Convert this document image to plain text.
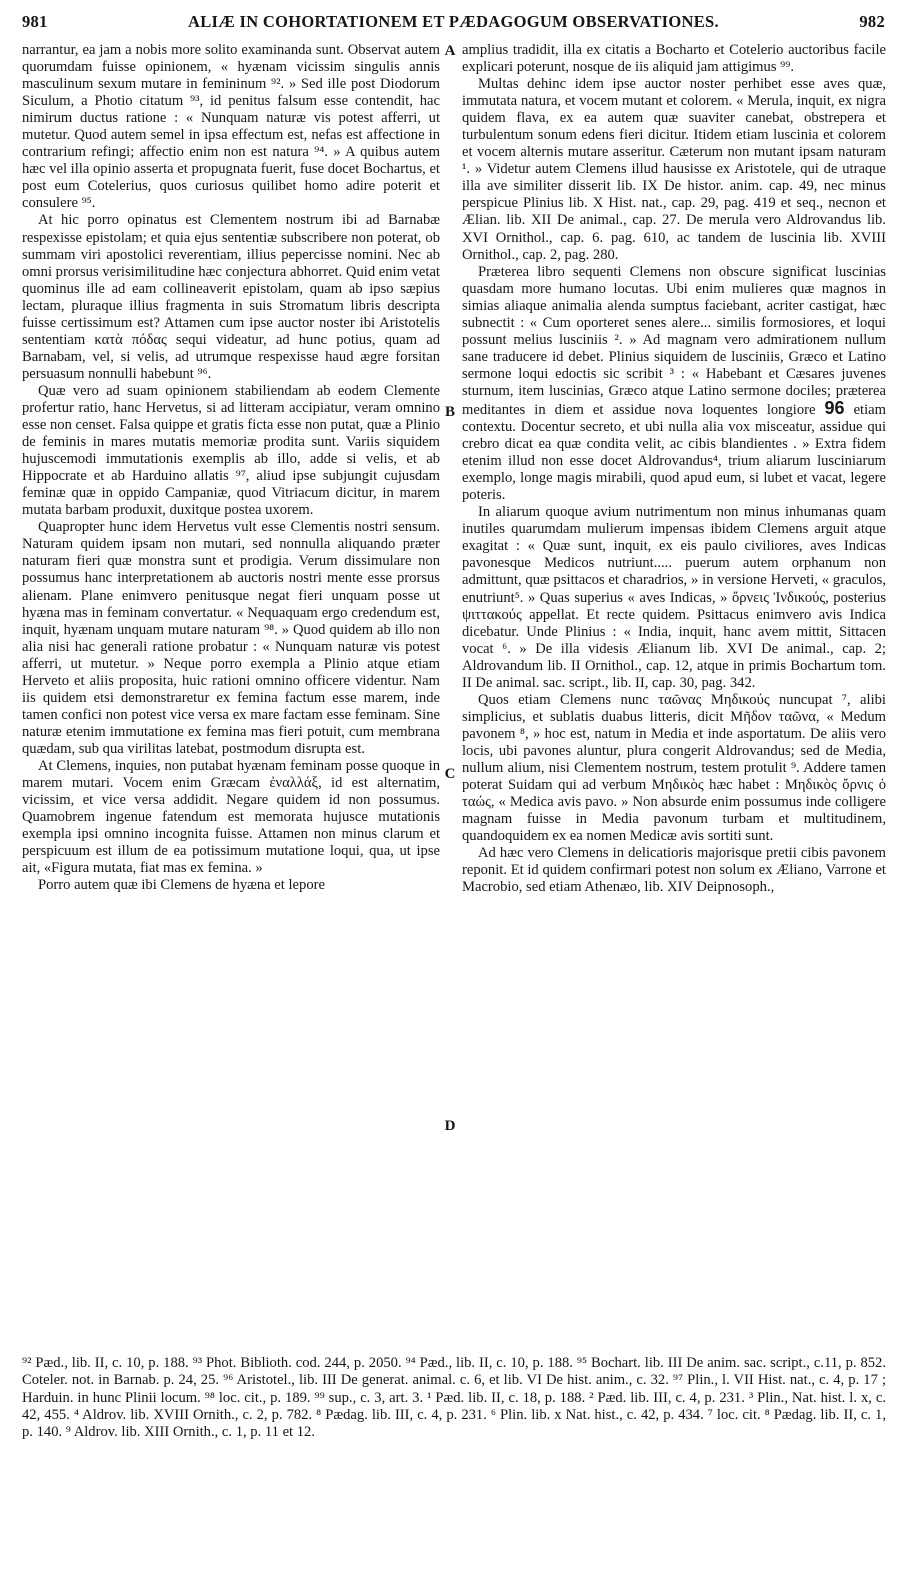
981	ALIÆ IN COHORTATIONEM ET PÆDAGOGUM OBSERVATIONES.	982

narrantur, ea jam a nobis more solito examinanda sunt. Observat autem quorumdam fuisse opinionem, « hyænam vicissim singulis annis masculinum sexum mutare in femininum ⁹². » Sed ille post Diodorum Siculum, a Photio citatum ⁹³, id penitus falsum esse contendit, hac nimirum ductus ratione : « Nunquam naturæ vis potest afferri, ut mutetur. Quod autem semel in ipsa effectum est, nefas est affectione in contrarium refingi; affectio enim non est natura ⁹⁴. » A quibus autem hæc vel illa opinio asserta et propugnata fuerit, fuse docet Bochartus, et post eum Cotelerius, quos curiosus quilibet homo adire poterit et consulere ⁹⁵.

At hic porro opinatus est Clementem nostrum ibi ad Barnabæ respexisse epistolam; et quia ejus sententiæ subscribere non poterat, ob summam viri apostolici reverentiam, illius pepercisse nomini. Nec ab omni prorsus verisimilitudine hæc conjectura abhorret. Quid enim vetat quominus ille ad eam collineaverit epistolam, quam ab ipso sæpius lectam, pluraque illius fragmenta in suis Stromatum libris descripta fuisse certissimum est? Attamen cum ipse auctor noster ibi Aristotelis sententiam κατὰ πόδας sequi videatur, ad hunc potius, quam ad Barnabam, vel, si velis, ad utrumque respexisse haud ægre forsitan persuasum nonnulli habebunt ⁹⁶.

Quæ vero ad suam opinionem stabiliendam ab eodem Clemente profertur ratio, hanc Hervetus, si ad litteram accipiatur, veram omnino esse non censet. Falsa quippe et gratis ficta esse non putat, quæ a Plinio de feminis in mares mutatis memoriæ prodita sunt. Variis siquidem hujuscemodi immutationis exemplis ab illo, adde si velis, et ab Hippocrate et ab Harduino allatis ⁹⁷, aliud ipse subjungit cujusdam feminæ quæ in oppido Campaniæ, quod Vitriacum dicitur, in marem mutata barbam produxit, duxitque postea uxorem.

Quapropter hunc idem Hervetus vult esse Clementis nostri sensum. Naturam quidem ipsam non mutari, sed nonnulla aliquando præter naturam fieri quæ monstra sunt et prodigia. Verum dissimulare non possumus hanc interpretationem ab auctoris nostri mente esse prorsus alienam. Plane enimvero penitusque negat fieri unquam posse ut hyæna mas in feminam convertatur. « Nequaquam ergo credendum est, inquit, hyænam unquam mutare naturam ⁹⁸. » Quod quidem ab illo non alia nisi hac generali ratione probatur : « Nunquam naturæ vis potest afferri, ut mutetur. » Neque porro exempla a Plinio atque etiam Herveto et aliis proposita, huic rationi omnino officere videntur. Nam iis quidem etsi demonstraretur ex femina factum esse marem, inde tamen confici non potest vice versa ex mare factam esse feminam. Sine naturæ etenim immutatione ex femina mas fieri potuit, cum membrana quædam, sub qua virilitas latebat, postmodum disrupta est.

At Clemens, inquies, non putabat hyænam feminam posse quoque in marem mutari. Vocem enim Græcam ἐναλλάξ, id est alternatim, vicissim, et vice versa addidit. Negare quidem id non possumus. Quamobrem ingenue fatendum est memorata hujusce mutationis exempla ipsi omnino incognita fuisse. Attamen non minus clarum et perspicuum est illum de ea potissimum mutatione loqui, qua, ut ipse ait, «Figura mutata, fiat mas ex femina. »

Porro autem quæ ibi Clemens de hyæna et lepore

A
B
C
D

amplius tradidit, illa ex citatis a Bocharto et Cotelerio auctoribus facile explicari poterunt, nosque de iis aliquid jam attigimus ⁹⁹.

Multas dehinc idem ipse auctor noster perhibet esse aves quæ, immutata natura, et vocem mutant et colorem. « Merula, inquit, ex nigra quidem flava, ex ea autem quæ suaviter canebat, obstrepera et turbulentum sonum edens fieri dicitur. Itidem etiam luscinia et colorem et vocem alternis mutare asseritur. Cæterum non mutant ipsam naturam ¹. » Videtur autem Clemens illud hausisse ex Aristotele, qui de utraque illa ave similiter disserit lib. IX De histor. anim. cap. 49, nec minus perspicue Plinius lib. X Hist. nat., cap. 29, pag. 419 et seq., necnon et Ælian. lib. XII De animal., cap. 27. De merula vero Aldrovandus lib. XVI Ornithol., cap. 6. pag. 610, ac tandem de luscinia lib. XVIII Ornithol., cap. 2, pag. 280.

Præterea libro sequenti Clemens non obscure significat luscinias quasdam more humano locutas. Ubi enim mulieres quæ magnos in simias aliaque animalia alenda sumptus faciebant, acriter castigat, hæc subnectit : « Cum oporteret senes alere... similis formosiores, et loqui possunt melius lusciniis ². » Ad magnam vero admirationem nullum sane traducere id debet. Plinius siquidem de lusciniis, Græco et Latino sermone loqui edoctis sic scribit ³ : « Habebant et Cæsares juvenes sturnum, item luscinias, Græco atque Latino sermone dociles; præterea meditantes in diem et assidue nova loquentes longiore 96 etiam contextu. Docentur secreto, et ubi nulla alia vox misceatur, assidue qui crebro dicat ea quæ condita velit, ac cibis blandientes . » Extra fidem etenim illud non esse docet Aldrovandus⁴, trium aliarum lusciniarum exemplo, longe magis mirabili, quod apud eum, si lubet et vacat, legere poteris.

In aliarum quoque avium nutrimentum non minus inhumanas quam inutiles quarumdam mulierum impensas ibidem Clemens arguit atque exagitat : « Quæ sunt, inquit, ex eis paulo civiliores, aves Indicas pavonesque Medicos nutriunt..... puerum autem orphanum non admittunt, quæ psittacos et charadrios, » in versione Herveti, « graculos, enutriunt⁵. » Quas superius « aves Indicas, » ὄρνεις Ἰνδικούς, posterius ψιττακούς appellat. Et recte quidem. Psittacus enimvero avis Indica dicebatur. Unde Plinius : « India, inquit, hanc avem mittit, Sittacen vocat ⁶. » De illa videsis Ælianum lib. XVI De animal., cap. 2; Aldrovandum lib. II Ornithol., cap. 12, atque in primis Bochartum tom. II De animal. sac. script., lib. II, cap. 30, pag. 342.

Quos etiam Clemens nunc ταῶνας Μηδικούς nuncupat ⁷, alibi simplicius, et sublatis duabus litteris, dicit Μῆδον ταῶνα, « Medum pavonem ⁸, » hoc est, natum in Media et inde asportatum. De aliis vero locis, ubi pavones aluntur, plura congerit Aldrovandus; sed de Media, nullum alium, nisi Clementem nostrum, testem protulit ⁹. Addere tamen poterat Suidam qui ad verbum Μηδικὸς hæc habet : Μηδικὸς ὄρνις ὁ ταώς, « Medica avis pavo. » Non absurde enim possumus inde colligere magnam fuisse in Media pavonum turbam et multitudinem, quandoquidem ex ea nomen Medicæ avis sortiti sunt.

Ad hæc vero Clemens in delicatioris majorisque pretii cibis pavonem reponit. Et id quidem confirmari potest non solum ex Æliano, Varrone et Macrobio, sed etiam Athenæo, lib. XIV Deipnosoph.,

⁹² Pæd., lib. II, c. 10, p. 188. ⁹³ Phot. Biblioth. cod. 244, p. 2050. ⁹⁴ Pæd., lib. II, c. 10, p. 188. ⁹⁵ Bochart. lib. III De anim. sac. script., c.11, p. 852. Coteler. not. in Barnab. p. 24, 25. ⁹⁶ Aristotel., lib. III De generat. animal. c. 6, et lib. VI De hist. anim., c. 32. ⁹⁷ Plin., l. VII Hist. nat., c. 4, p. 17 ; Harduin. in hunc Plinii locum. ⁹⁸ loc. cit., p. 189. ⁹⁹ sup., c. 3, art. 3. ¹ Pæd. lib. II, c. 18, p. 188. ² Pæd. lib. III, c. 4, p. 231. ³ Plin., Nat. hist. l. x, c. 42, 455. ⁴ Aldrov. lib. XVIII Ornith., c. 2, p. 782. ⁸ Pædag. lib. III, c. 4, p. 231. ⁶ Plin. lib. x Nat. hist., c. 42, p. 434. ⁷ loc. cit. ⁸ Pædag. lib. II, c. 1, p. 140. ⁹ Aldrov. lib. XIII Ornith., c. 1, p. 11 et 12.
